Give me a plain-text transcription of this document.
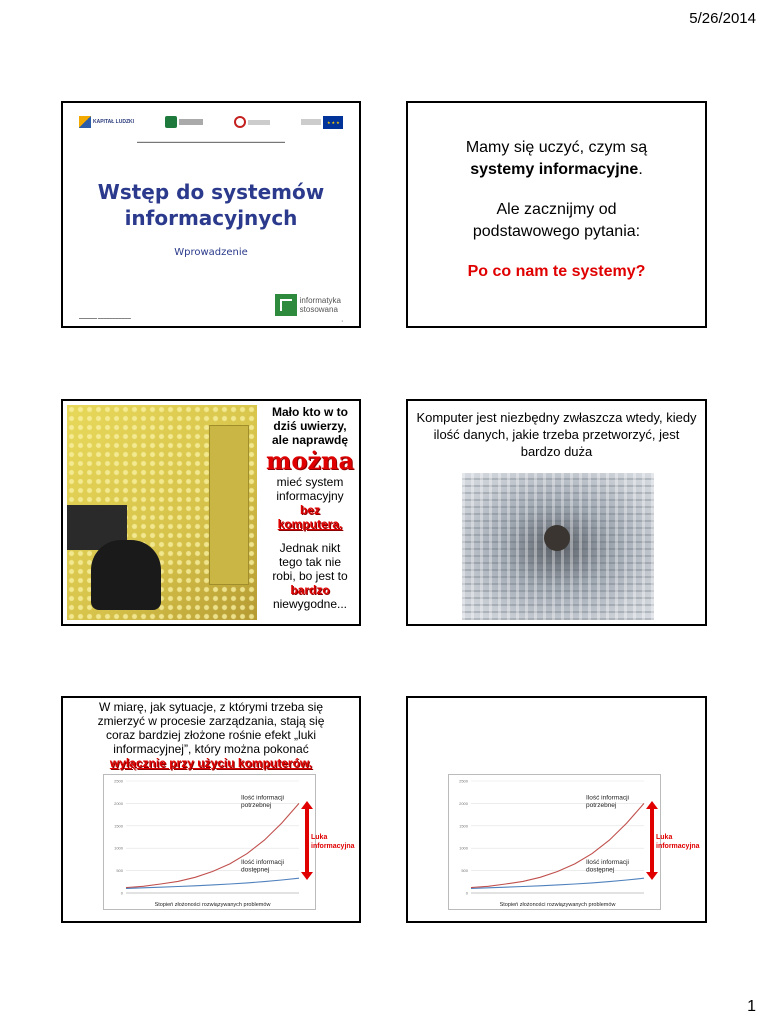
5/26/2014
KAPITAŁ LUDZKI
★★★
▬▬▬▬▬▬▬▬▬▬▬▬▬▬▬▬▬▬▬▬▬▬▬▬▬▬▬▬▬▬▬▬▬▬▬▬▬
Wstęp do systemów
informacyjnych
Wprowadzenie
informatyka
stosowana
▬▬▬▬▬▬ ▬▬▬▬▬▬▬▬▬▬▬
1
Mamy się uczyć, czym są
systemy informacyjne.
Ale zacznijmy od
podstawowego pytania:
Po co nam te systemy?
Mało kto w to
dziś uwierzy,
ale naprawdę
można
mieć system
informacyjny
bez
komputera.
Jednak nikt
tego tak nie
robi, bo jest to
bardzo
niewygodne...
Komputer jest niezbędny zwłaszcza wtedy, kiedy ilość danych, jakie trzeba przetworzyć, jest bardzo duża
W miarę, jak sytuacje, z którymi trzeba się
zmierzyć w procesie zarządzania, stają się
coraz bardziej złożone rośnie efekt „luki
informacyjnej”, który można pokonać
wyłącznie przy użyciu komputerów.
0
500
1000
1500
2000
2500
Ilość informacji potrzebnej
Ilość informacji dostępnej
Stopień złożoności rozwiązywanych problemów
Luka
informacyjna
0
500
1000
1500
2000
2500
Ilość informacji potrzebnej
Ilość informacji dostępnej
Stopień złożoności rozwiązywanych problemów
Luka
informacyjna
1
